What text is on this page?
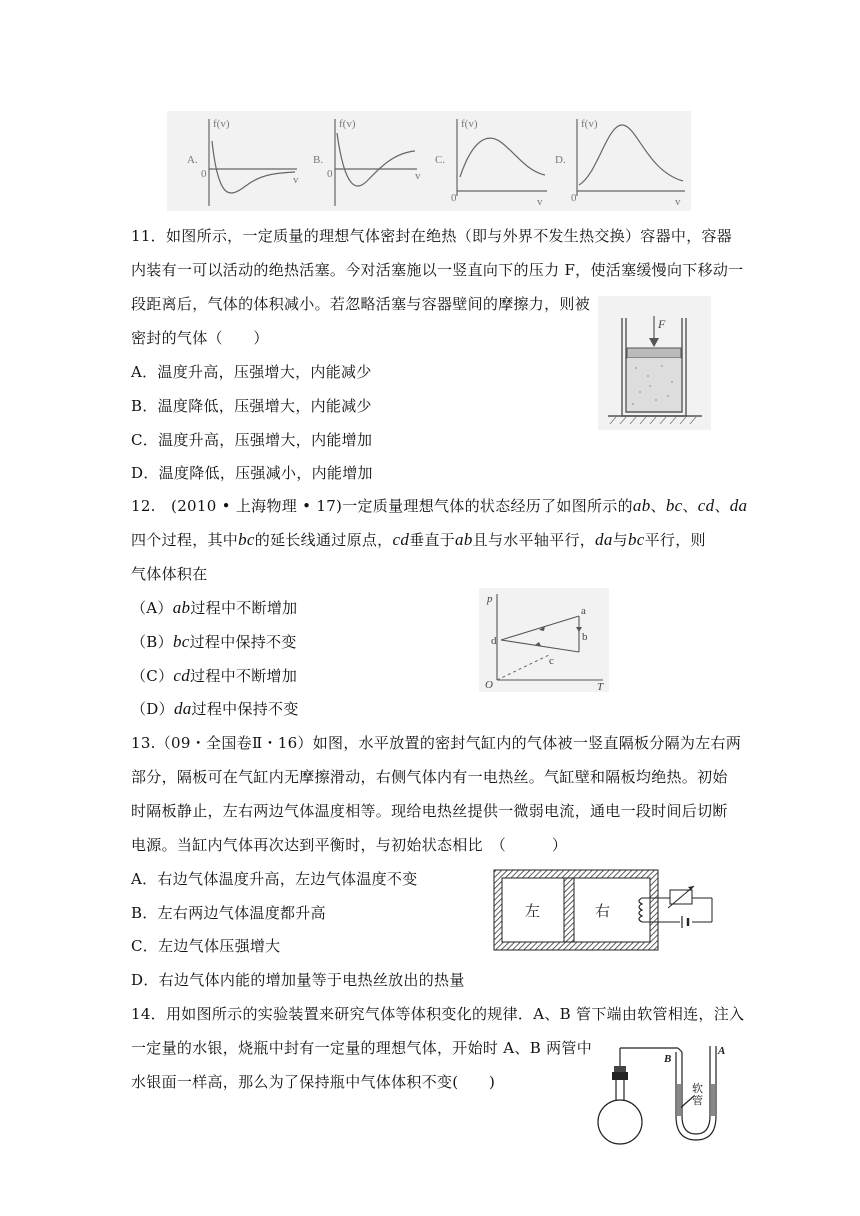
A.
f(v)
0	v
B.
f(v)
0	v
C.
f(v)
0	v
D.
f(v)
0	v
11．如图所示，一定质量的理想气体密封在绝热（即与外界不发生热交换）容器中，容器
内装有一可以活动的绝热活塞。今对活塞施以一竖直向下的压力 F，使活塞缓慢向下移动一
段距离后，气体的体积减小。若忽略活塞与容器壁间的摩擦力，则被
密封的气体（　　）
A．温度升高，压强增大，内能减少
B．温度降低，压强增大，内能减少
C．温度升高，压强增大，内能增加
D．温度降低，压强减小，内能增加
F
12.　(2010 • 上海物理 • 17)一定质量理想气体的状态经历了如图所示的ab、bc、cd、da
四个过程，其中bc的延长线通过原点，cd垂直于ab且与水平轴平行，da与bc平行，则
气体体积在
（A）ab过程中不断增加
（B）bc过程中保持不变
（C）cd过程中不断增加
（D）da过程中保持不变
p
T
O
a
b
c
d
13.（09・全国卷Ⅱ・16）如图，水平放置的密封气缸内的气体被一竖直隔板分隔为左右两
部分，隔板可在气缸内无摩擦滑动，右侧气体内有一电热丝。气缸壁和隔板均绝热。初始
时隔板静止，左右两边气体温度相等。现给电热丝提供一微弱电流，通电一段时间后切断
电源。当缸内气体再次达到平衡时，与初始状态相比　（　　　）
A．右边气体温度升高，左边气体温度不变
B．左右两边气体温度都升高
C．左边气体压强增大
D．右边气体内能的增加量等于电热丝放出的热量
左	右
14．用如图所示的实验装置来研究气体等体积变化的规律．A、B 管下端由软管相连，注入
一定量的水银，烧瓶中封有一定量的理想气体，开始时 A、B 两管中
水银面一样高，那么为了保持瓶中气体体积不变(　　)
B
A
软
管
